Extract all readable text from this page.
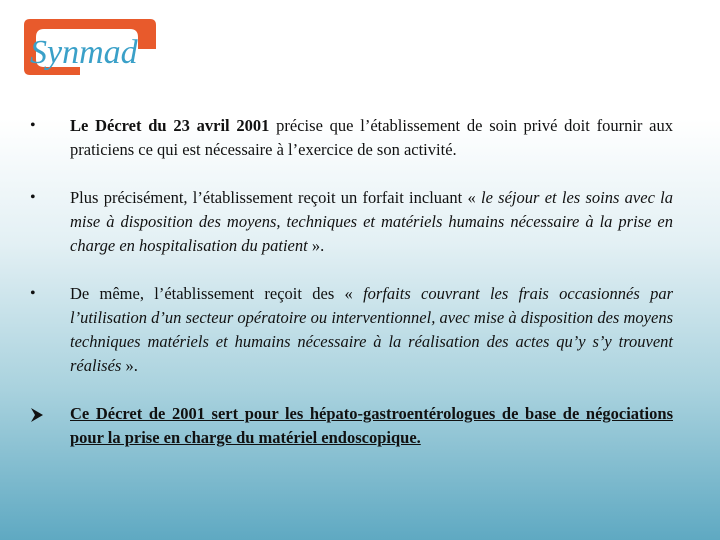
Synmad
•	Le Décret du 23 avril 2001 précise que l’établissement de soin privé doit fournir aux praticiens ce qui est nécessaire à l’exercice de son activité.
•	Plus précisément, l’établissement reçoit un forfait incluant « le séjour et les soins avec la mise à disposition des moyens, techniques et matériels humains nécessaire à la prise en charge en hospitalisation du patient ».
•	De même, l’établissement reçoit des « forfaits couvrant les frais occasionnés par l’utilisation d’un secteur opératoire ou interventionnel, avec mise à disposition des moyens techniques matériels et humains nécessaire à la réalisation des actes qu’y s’y trouvent réalisés ».
Ce Décret de 2001 sert pour les hépato-gastroentérologues de base de négociations pour la prise en charge du matériel endoscopique.
